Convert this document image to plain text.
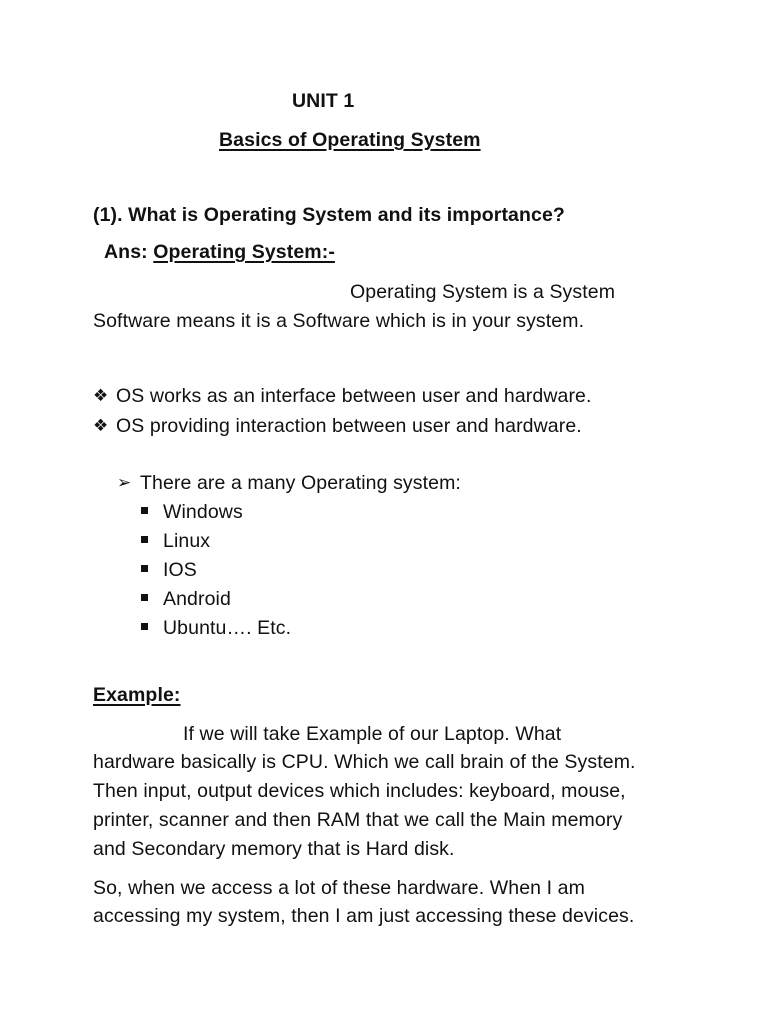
UNIT 1
Basics of Operating System
(1). What is Operating System and its importance?
Ans: Operating System:-
Operating System is a System
Software means it is a Software which is in your system.
❖ OS works as an interface between user and hardware.
❖ OS providing interaction between user and hardware.
➢ There are a many Operating system:
Windows
Linux
IOS
Android
Ubuntu…. Etc.
Example:
If we will take Example of our Laptop. What
hardware basically is CPU. Which we call brain of the System.
Then input, output devices which includes: keyboard, mouse,
printer, scanner and then RAM that we call the Main memory
and Secondary memory that is Hard disk.
So, when we access a lot of these hardware. When I am
accessing my system, then I am just accessing these devices.
